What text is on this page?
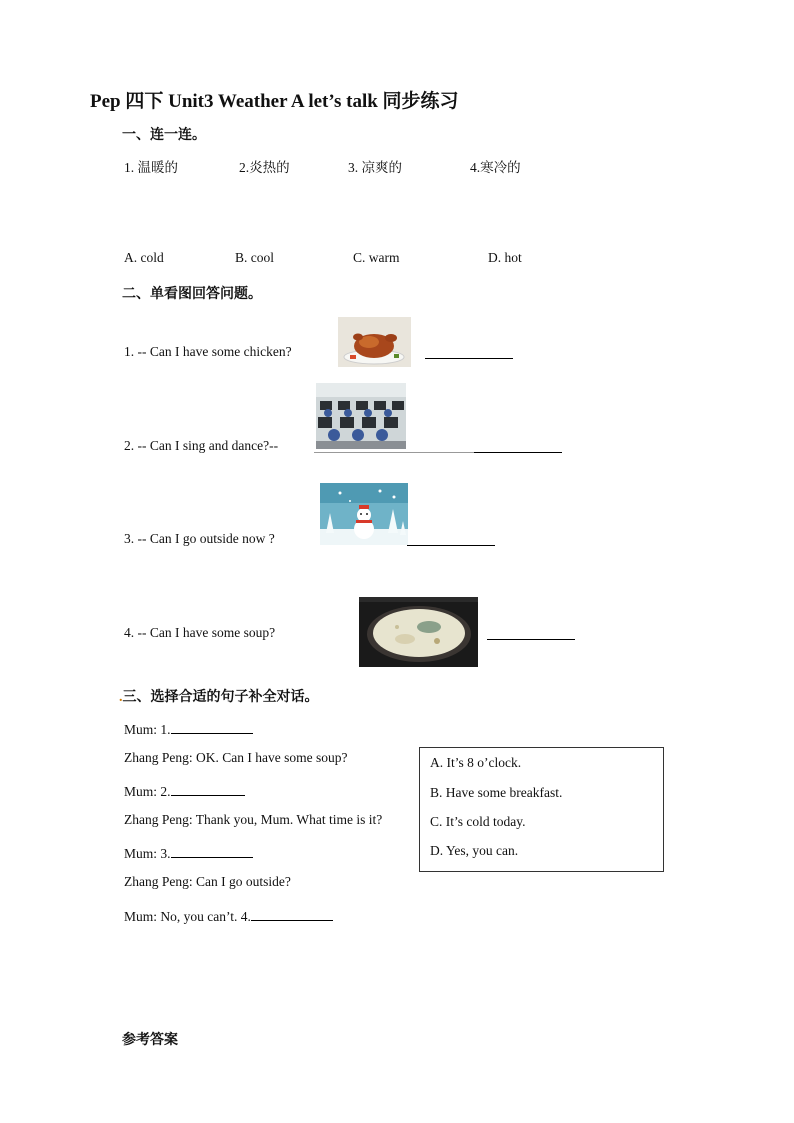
Pep 四下 Unit3 Weather A let’s talk 同步练习
一、连一连。
1. 温暖的	2.炎热的	3. 凉爽的	4.寒冷的
A. cold	B. cool	C. warm	D. hot
二、单看图回答问题。
1. -- Can I have some chicken?
2. -- Can I sing and dance?--
3. -- Can I go outside now ?
4. -- Can I have some soup?
.三、选择合适的句子补全对话。
Mum: 1.
Zhang Peng: OK. Can I have some soup?
Mum: 2.
Zhang Peng: Thank you, Mum. What time is it?
Mum: 3.
Zhang Peng: Can I go outside?
Mum: No, you can’t. 4.
A. It’s 8 o’clock.
B. Have some breakfast.
C. It’s cold today.
D. Yes, you can.
参考答案
